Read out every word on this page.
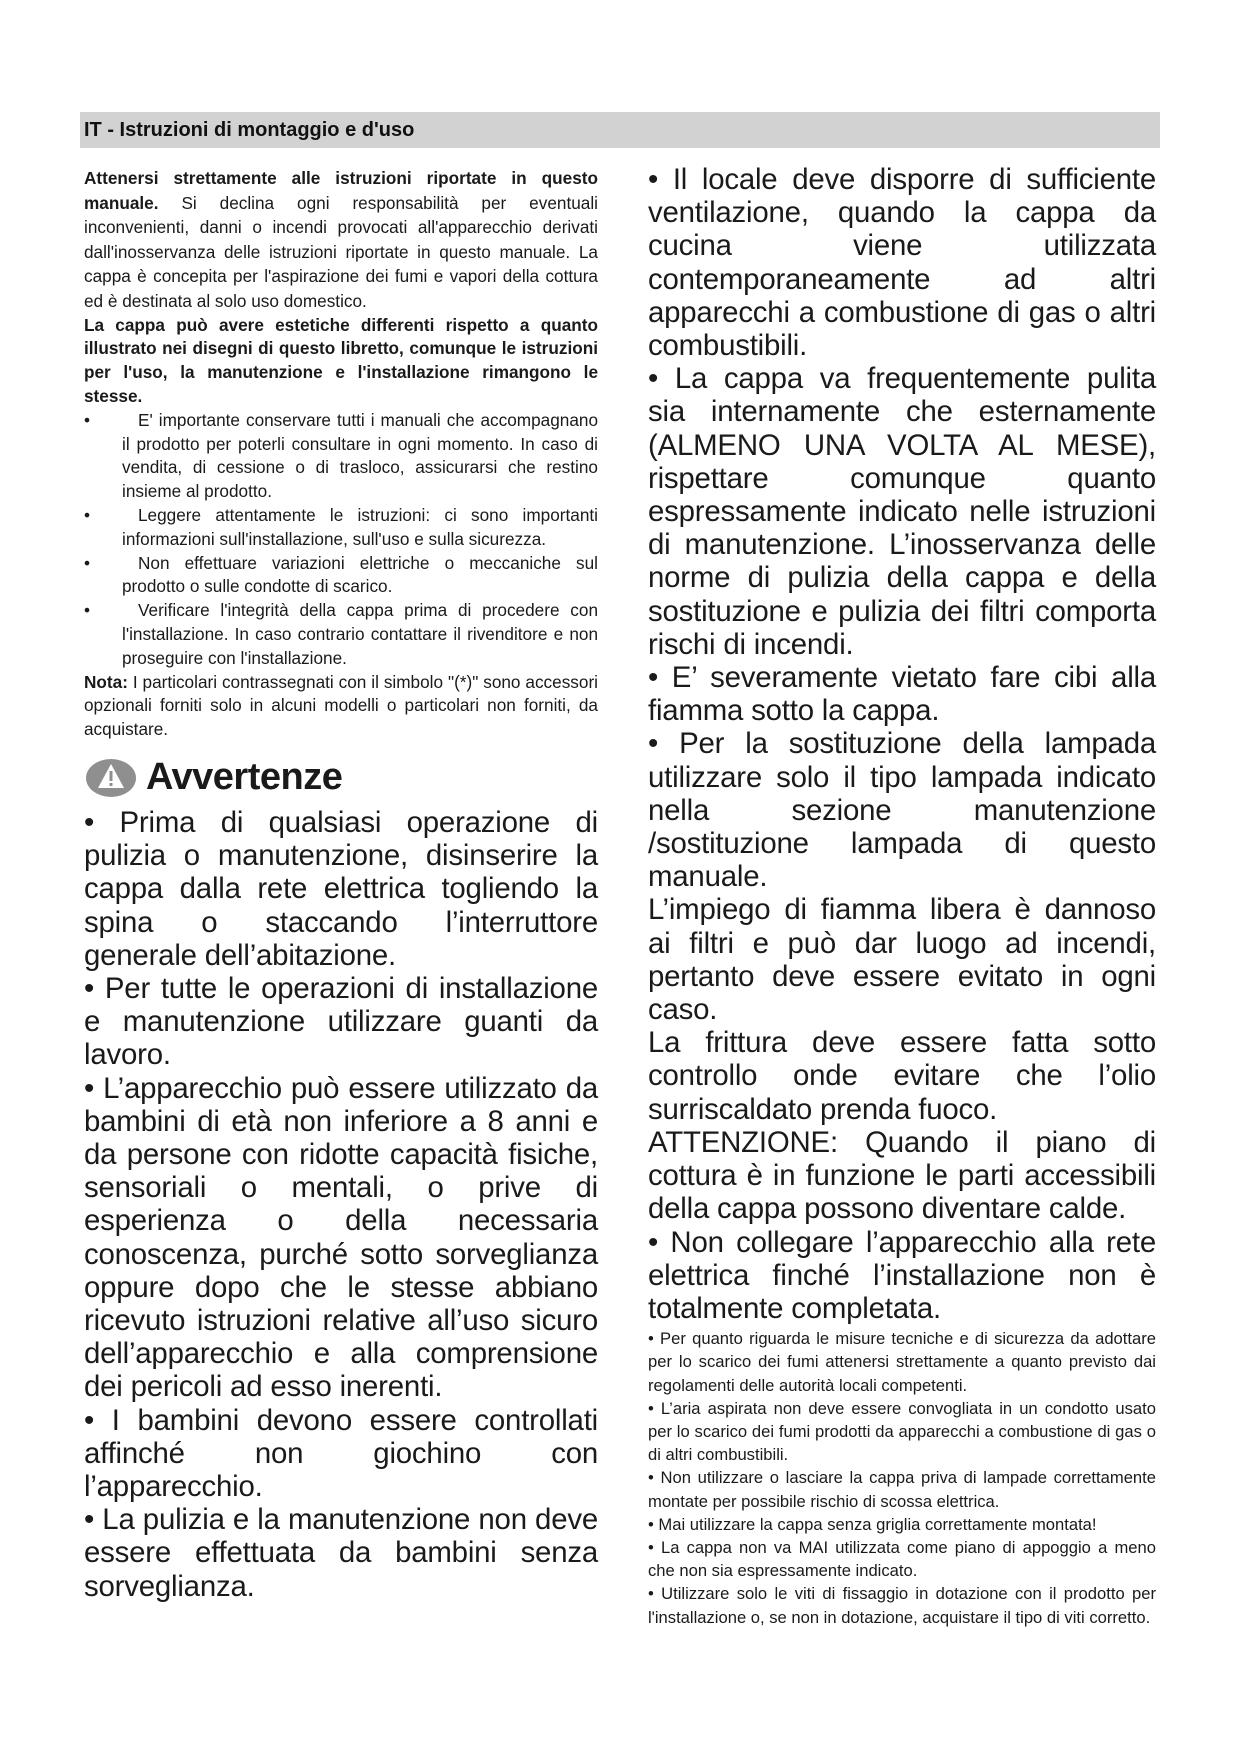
IT - Istruzioni di montaggio e d'uso

Attenersi strettamente alle istruzioni riportate in questo manuale. Si declina ogni responsabilità per eventuali inconvenienti, danni o incendi provocati all'apparecchio derivati dall'inosservanza delle istruzioni riportate in questo manuale. La cappa è concepita per l'aspirazione dei fumi e vapori della cottura ed è destinata al solo uso domestico.

La cappa può avere estetiche differenti rispetto a quanto illustrato nei disegni di questo libretto, comunque le istruzioni per l'uso, la manutenzione e l'installazione rimangono le stesse.

•	E' importante conservare tutti i manuali che accompagnano il prodotto per poterli consultare in ogni momento. In caso di vendita, di cessione o di trasloco, assicurarsi che restino insieme al prodotto.

•	Leggere attentamente le istruzioni: ci sono importanti informazioni sull'installazione, sull'uso e sulla sicurezza.

•	Non effettuare variazioni elettriche o meccaniche sul prodotto o sulle condotte di scarico.

•	Verificare l'integrità della cappa prima di procedere con l'installazione. In caso contrario contattare il rivenditore e non proseguire con l'installazione.

Nota: I particolari contrassegnati con il simbolo "(*)" sono accessori opzionali forniti solo in alcuni modelli o particolari non forniti, da acquistare.

Avvertenze

• Prima di qualsiasi operazione di pulizia o manutenzione, disinserire la cappa dalla rete elettrica togliendo la spina o staccando l’interruttore generale dell’abitazione.

• Per tutte le operazioni di installazione e manutenzione utilizzare guanti da lavoro.

• L’apparecchio può essere utilizzato da bambini di età non inferiore a 8 anni e da persone con ridotte capacità fisiche, sensoriali o mentali, o prive di esperienza o della necessaria conoscenza, purché sotto sorveglianza oppure dopo che le stesse abbiano ricevuto istruzioni relative all’uso sicuro dell’apparecchio e alla comprensione dei pericoli ad esso inerenti.

• I bambini devono essere controllati affinché non giochino con l’apparecchio.

• La pulizia e la manutenzione non deve essere effettuata da bambini senza sorveglianza.

• Il locale deve disporre di sufficiente ventilazione, quando la cappa da cucina viene utilizzata contemporaneamente ad altri apparecchi a combustione di gas o altri combustibili.

• La cappa va frequentemente pulita sia internamente che esternamente (ALMENO UNA VOLTA AL MESE), rispettare comunque quanto espressamente indicato nelle istruzioni di manutenzione. L’inosservanza delle norme di pulizia della cappa e della sostituzione e pulizia dei filtri comporta rischi di incendi.

• E’ severamente vietato fare cibi alla fiamma sotto la cappa.

• Per la sostituzione della lampada utilizzare solo il tipo lampada indicato nella sezione manutenzione /sostituzione lampada di questo manuale.

L’impiego di fiamma libera è dannoso ai filtri e può dar luogo ad incendi, pertanto deve essere evitato in ogni caso.

La frittura deve essere fatta sotto controllo onde evitare che l’olio surriscaldato prenda fuoco.

ATTENZIONE: Quando il piano di cottura è in funzione le parti accessibili della cappa possono diventare calde.

• Non collegare l’apparecchio alla rete elettrica finché l’installazione non è totalmente completata.

• Per quanto riguarda le misure tecniche e di sicurezza da adottare per lo scarico dei fumi attenersi strettamente a quanto previsto dai regolamenti delle autorità locali competenti.

• L’aria aspirata non deve essere convogliata in un condotto usato per lo scarico dei fumi prodotti da apparecchi a combustione di gas o di altri combustibili.

• Non utilizzare o lasciare la cappa priva di lampade correttamente montate per possibile rischio di scossa elettrica.

• Mai utilizzare la cappa senza griglia correttamente montata!

• La cappa non va MAI utilizzata come piano di appoggio a meno che non sia espressamente indicato.

• Utilizzare solo le viti di fissaggio in dotazione con il prodotto per l'installazione o, se non in dotazione, acquistare il tipo di viti corretto.
